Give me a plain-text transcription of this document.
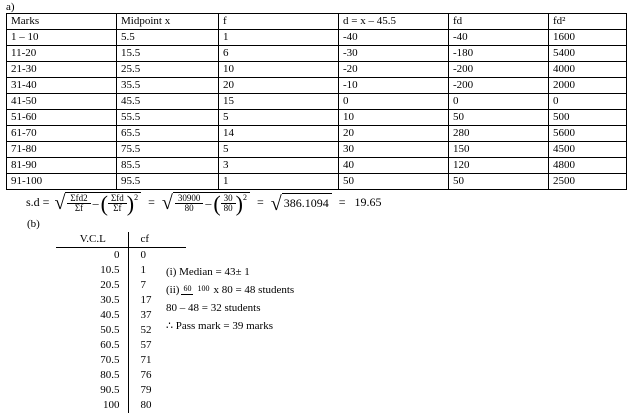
a)
Marks	Midpoint x	f	d = x – 45.5	fd	fd²
1 – 10	5.5	1	-40	-40	1600
11-20	15.5	6	-30	-180	5400
21-30	25.5	10	-20	-200	4000
31-40	35.5	20	-10	-200	2000
41-50	45.5	15	0	0	0
51-60	55.5	5	10	50	500
61-70	65.5	14	20	280	5600
71-80	75.5	5	30	150	4500
81-90	85.5	3	40	120	4800
91-100	95.5	1	50	50	2500
s.d = √ $\frac{\text{Σfd2}}{\Sigma f}$ – ( $\frac{\text{Σfd}}{\Sigma f}$ ) 2 = √ $\frac{30900}{80}$ – ( $\frac{30}{80}$ ) 2 = √ 386.1094 = 19.65
(b)
V.C.L	cf
0	0
10.5	1
20.5	7
30.5	17
40.5	37
50.5	52
60.5	57
70.5	71
80.5	76
90.5	79
100	80
(i) Median = 43± 1
(ii) 60 100 x 80 = 48 students
80 – 48 = 32 students
∴ Pass mark = 39 marks
